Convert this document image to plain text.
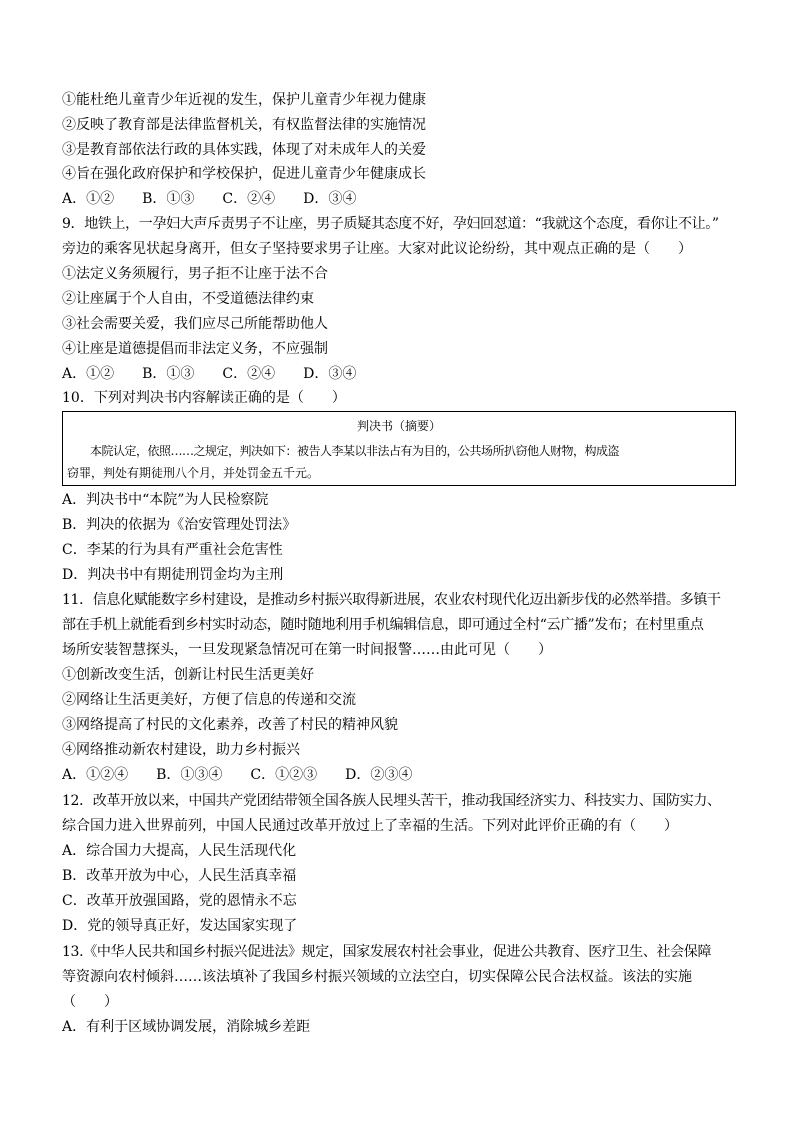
①能杜绝儿童青少年近视的发生，保护儿童青少年视力健康
②反映了教育部是法律监督机关，有权监督法律的实施情况
③是教育部依法行政的具体实践，体现了对未成年人的关爱
④旨在强化政府保护和学校保护，促进儿童青少年健康成长
A．①②　　B．①③　　C．②④　　D．③④
9．地铁上，一孕妇大声斥责男子不让座，男子质疑其态度不好，孕妇回怼道：“我就这个态度，看你让不让。”
旁边的乘客见状起身离开，但女子坚持要求男子让座。大家对此议论纷纷，其中观点正确的是（　　）
①法定义务须履行，男子拒不让座于法不合
②让座属于个人自由，不受道德法律约束
③社会需要关爱，我们应尽己所能帮助他人
④让座是道德提倡而非法定义务，不应强制
A．①②　　B．①③　　C．②④　　D．③④
10．下列对判决书内容解读正确的是（　　）
判决书（摘要）
　　本院认定，依照……之规定，判决如下：被告人李某以非法占有为目的，公共场所扒窃他人财物，构成盗
窃罪，判处有期徒刑八个月，并处罚金五千元。
A．判决书中“本院”为人民检察院
B．判决的依据为《治安管理处罚法》
C．李某的行为具有严重社会危害性
D．判决书中有期徒刑罚金均为主刑
11．信息化赋能数字乡村建设，是推动乡村振兴取得新进展，农业农村现代化迈出新步伐的必然举措。多镇干
部在手机上就能看到乡村实时动态，随时随地利用手机编辑信息，即可通过全村“云广播”发布；在村里重点
场所安装智慧探头，一旦发现紧急情况可在第一时间报警……由此可见（　　）
①创新改变生活，创新让村民生活更美好
②网络让生活更美好，方便了信息的传递和交流
③网络提高了村民的文化素养，改善了村民的精神风貌
④网络推动新农村建设，助力乡村振兴
A．①②④　　B．①③④　　C．①②③　　D．②③④
12．改革开放以来，中国共产党团结带领全国各族人民埋头苦干，推动我国经济实力、科技实力、国防实力、
综合国力进入世界前列，中国人民通过改革开放过上了幸福的生活。下列对此评价正确的有（　　）
A．综合国力大提高，人民生活现代化
B．改革开放为中心，人民生活真幸福
C．改革开放强国路，党的恩情永不忘
D．党的领导真正好，发达国家实现了
13.《中华人民共和国乡村振兴促进法》规定，国家发展农村社会事业，促进公共教育、医疗卫生、社会保障
等资源向农村倾斜……该法填补了我国乡村振兴领域的立法空白，切实保障公民合法权益。该法的实施
（　　）
A．有利于区域协调发展，消除城乡差距
